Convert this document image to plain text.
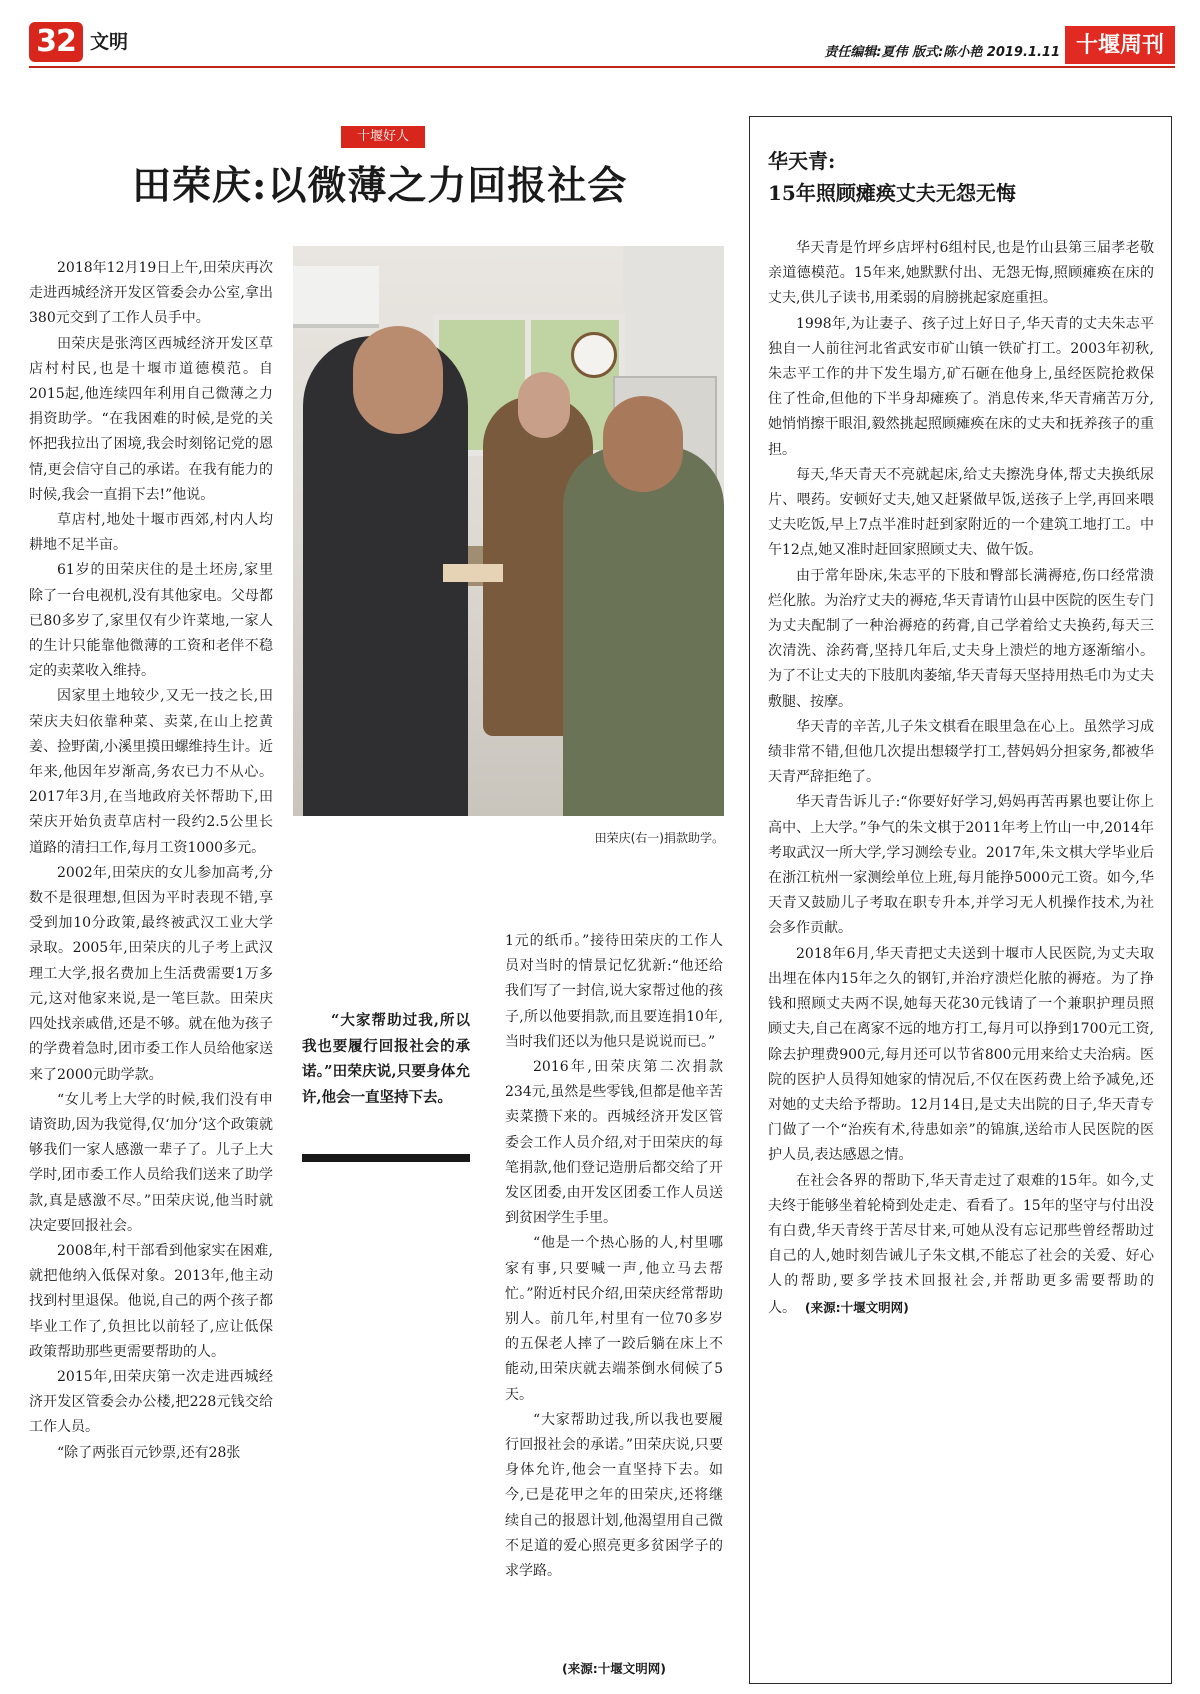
32 文明	责任编辑:夏伟 版式:陈小艳 2019.1.11 十堰周刊
十堰好人
田荣庆:以微薄之力回报社会

2018年12月19日上午,田荣庆再次走进西城经济开发区管委会办公室,拿出380元交到了工作人员手中。

田荣庆是张湾区西城经济开发区草店村村民,也是十堰市道德模范。自2015起,他连续四年利用自己微薄之力捐资助学。“在我困难的时候,是党的关怀把我拉出了困境,我会时刻铭记党的恩情,更会信守自己的承诺。在我有能力的时候,我会一直捐下去!”他说。

草店村,地处十堰市西郊,村内人均耕地不足半亩。

61岁的田荣庆住的是土坯房,家里除了一台电视机,没有其他家电。父母都已80多岁了,家里仅有少许菜地,一家人的生计只能靠他微薄的工资和老伴不稳定的卖菜收入维持。

因家里土地较少,又无一技之长,田荣庆夫妇依靠种菜、卖菜,在山上挖黄姜、捡野菌,小溪里摸田螺维持生计。近年来,他因年岁渐高,务农已力不从心。2017年3月,在当地政府关怀帮助下,田荣庆开始负责草店村一段约2.5公里长道路的清扫工作,每月工资1000多元。

2002年,田荣庆的女儿参加高考,分数不是很理想,但因为平时表现不错,享受到加10分政策,最终被武汉工业大学录取。2005年,田荣庆的儿子考上武汉理工大学,报名费加上生活费需要1万多元,这对他家来说,是一笔巨款。田荣庆四处找亲戚借,还是不够。就在他为孩子的学费着急时,团市委工作人员给他家送来了2000元助学款。

“女儿考上大学的时候,我们没有申请资助,因为我觉得,仅‘加分’这个政策就够我们一家人感激一辈子了。儿子上大学时,团市委工作人员给我们送来了助学款,真是感激不尽。”田荣庆说,他当时就决定要回报社会。

2008年,村干部看到他家实在困难,就把他纳入低保对象。2013年,他主动找到村里退保。他说,自己的两个孩子都毕业工作了,负担比以前轻了,应让低保政策帮助那些更需要帮助的人。

2015年,田荣庆第一次走进西城经济开发区管委会办公楼,把228元钱交给工作人员。

“除了两张百元钞票,还有28张

田荣庆(右一)捐款助学。

“大家帮助过我,所以我也要履行回报社会的承诺。”田荣庆说,只要身体允许,他会一直坚持下去。

1元的纸币。”接待田荣庆的工作人员对当时的情景记忆犹新:“他还给我们写了一封信,说大家帮过他的孩子,所以他要捐款,而且要连捐10年,当时我们还以为他只是说说而已。”

2016年,田荣庆第二次捐款234元,虽然是些零钱,但都是他辛苦卖菜攒下来的。西城经济开发区管委会工作人员介绍,对于田荣庆的每笔捐款,他们登记造册后都交给了开发区团委,由开发区团委工作人员送到贫困学生手里。

“他是一个热心肠的人,村里哪家有事,只要喊一声,他立马去帮忙。”附近村民介绍,田荣庆经常帮助别人。前几年,村里有一位70多岁的五保老人摔了一跤后躺在床上不能动,田荣庆就去端茶倒水伺候了5天。

“大家帮助过我,所以我也要履行回报社会的承诺。”田荣庆说,只要身体允许,他会一直坚持下去。如今,已是花甲之年的田荣庆,还将继续自己的报恩计划,他渴望用自己微不足道的爱心照亮更多贫困学子的求学路。

(来源:十堰文明网)
华天青:
15年照顾瘫痪丈夫无怨无悔

华天青是竹坪乡店坪村6组村民,也是竹山县第三届孝老敬亲道德模范。15年来,她默默付出、无怨无悔,照顾瘫痪在床的丈夫,供儿子读书,用柔弱的肩膀挑起家庭重担。

1998年,为让妻子、孩子过上好日子,华天青的丈夫朱志平独自一人前往河北省武安市矿山镇一铁矿打工。2003年初秋,朱志平工作的井下发生塌方,矿石砸在他身上,虽经医院抢救保住了性命,但他的下半身却瘫痪了。消息传来,华天青痛苦万分,她悄悄擦干眼泪,毅然挑起照顾瘫痪在床的丈夫和抚养孩子的重担。

每天,华天青天不亮就起床,给丈夫擦洗身体,帮丈夫换纸尿片、喂药。安顿好丈夫,她又赶紧做早饭,送孩子上学,再回来喂丈夫吃饭,早上7点半准时赶到家附近的一个建筑工地打工。中午12点,她又准时赶回家照顾丈夫、做午饭。

由于常年卧床,朱志平的下肢和臀部长满褥疮,伤口经常溃烂化脓。为治疗丈夫的褥疮,华天青请竹山县中医院的医生专门为丈夫配制了一种治褥疮的药膏,自己学着给丈夫换药,每天三次清洗、涂药膏,坚持几年后,丈夫身上溃烂的地方逐渐缩小。为了不让丈夫的下肢肌肉萎缩,华天青每天坚持用热毛巾为丈夫敷腿、按摩。

华天青的辛苦,儿子朱文棋看在眼里急在心上。虽然学习成绩非常不错,但他几次提出想辍学打工,替妈妈分担家务,都被华天青严辞拒绝了。

华天青告诉儿子:“你要好好学习,妈妈再苦再累也要让你上高中、上大学。”争气的朱文棋于2011年考上竹山一中,2014年考取武汉一所大学,学习测绘专业。2017年,朱文棋大学毕业后在浙江杭州一家测绘单位上班,每月能挣5000元工资。如今,华天青又鼓励儿子考取在职专升本,并学习无人机操作技术,为社会多作贡献。

2018年6月,华天青把丈夫送到十堰市人民医院,为丈夫取出埋在体内15年之久的钢钉,并治疗溃烂化脓的褥疮。为了挣钱和照顾丈夫两不误,她每天花30元钱请了一个兼职护理员照顾丈夫,自己在离家不远的地方打工,每月可以挣到1700元工资,除去护理费900元,每月还可以节省800元用来给丈夫治病。医院的医护人员得知她家的情况后,不仅在医药费上给予减免,还对她的丈夫给予帮助。12月14日,是丈夫出院的日子,华天青专门做了一个“治疾有术,待患如亲”的锦旗,送给市人民医院的医护人员,表达感恩之情。

在社会各界的帮助下,华天青走过了艰难的15年。如今,丈夫终于能够坐着轮椅到处走走、看看了。15年的坚守与付出没有白费,华天青终于苦尽甘来,可她从没有忘记那些曾经帮助过自己的人,她时刻告诫儿子朱文棋,不能忘了社会的关爱、好心人的帮助,要多学技术回报社会,并帮助更多需要帮助的人。 (来源:十堰文明网)
